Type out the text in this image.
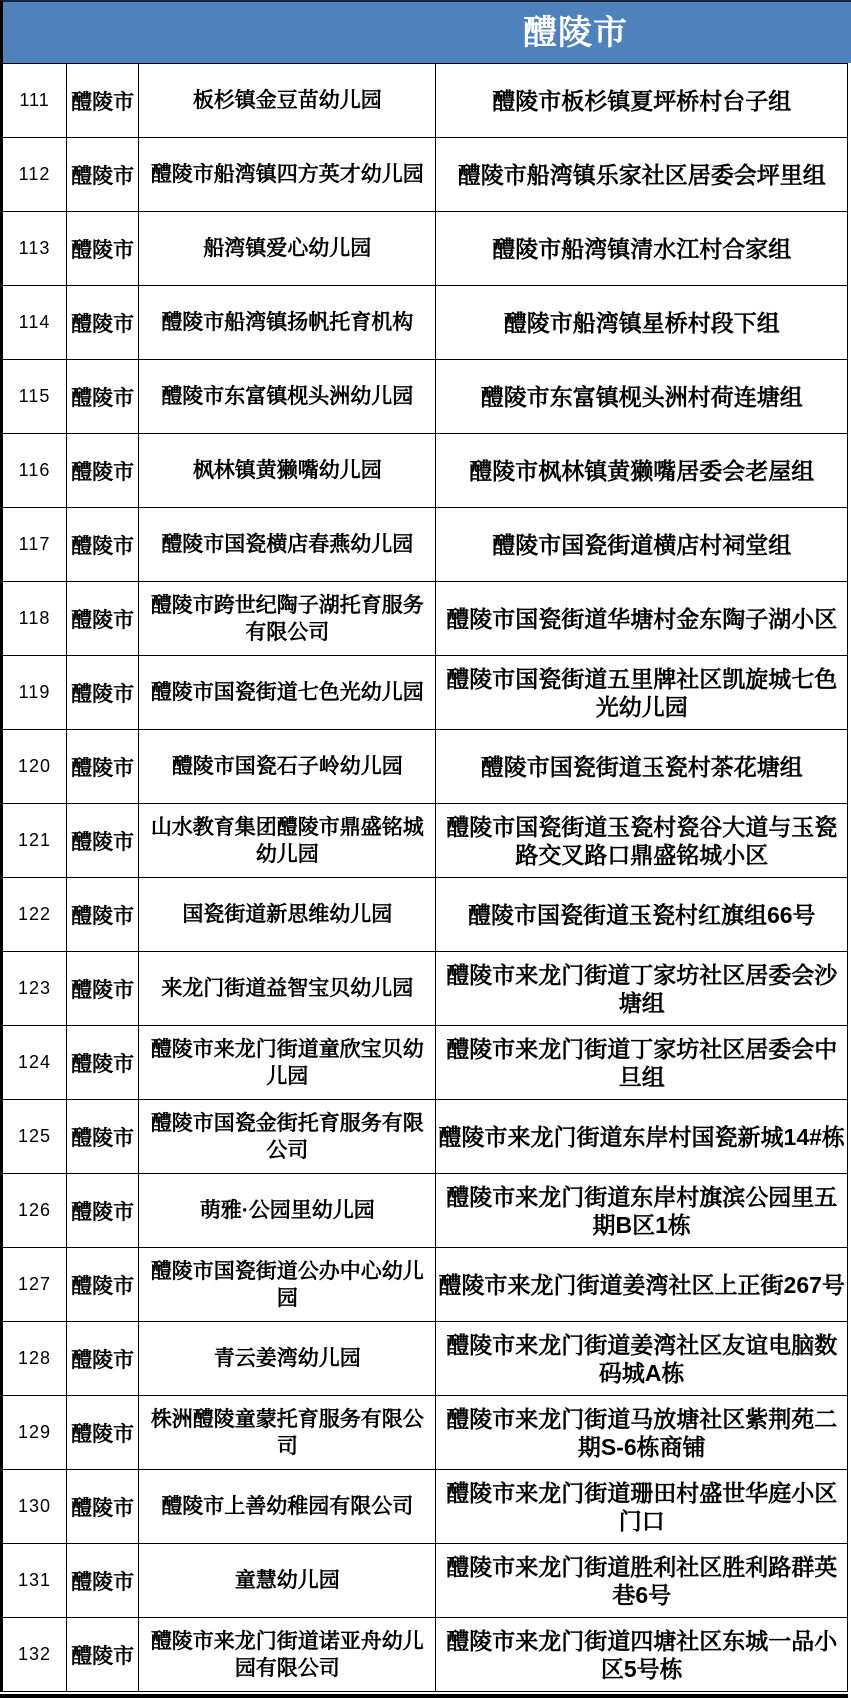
醴陵市
111	醴陵市	板杉镇金豆苗幼儿园	醴陵市板杉镇夏坪桥村台子组
112	醴陵市	醴陵市船湾镇四方英才幼儿园	醴陵市船湾镇乐家社区居委会坪里组
113	醴陵市	船湾镇爱心幼儿园	醴陵市船湾镇清水江村合家组
114	醴陵市	醴陵市船湾镇扬帆托育机构	醴陵市船湾镇星桥村段下组
115	醴陵市	醴陵市东富镇枧头洲幼儿园	醴陵市东富镇枧头洲村荷连塘组
116	醴陵市	枫林镇黄獭嘴幼儿园	醴陵市枫林镇黄獭嘴居委会老屋组
117	醴陵市	醴陵市国瓷横店春燕幼儿园	醴陵市国瓷街道横店村祠堂组
118	醴陵市	醴陵市跨世纪陶子湖托育服务有限公司	醴陵市国瓷街道华塘村金东陶子湖小区
119	醴陵市	醴陵市国瓷街道七色光幼儿园	醴陵市国瓷街道五里牌社区凯旋城七色光幼儿园
120	醴陵市	醴陵市国瓷石子岭幼儿园	醴陵市国瓷街道玉瓷村茶花塘组
121	醴陵市	山水教育集团醴陵市鼎盛铭城幼儿园	醴陵市国瓷街道玉瓷村瓷谷大道与玉瓷路交叉路口鼎盛铭城小区
122	醴陵市	国瓷街道新思维幼儿园	醴陵市国瓷街道玉瓷村红旗组66号
123	醴陵市	来龙门街道益智宝贝幼儿园	醴陵市来龙门街道丁家坊社区居委会沙塘组
124	醴陵市	醴陵市来龙门街道童欣宝贝幼儿园	醴陵市来龙门街道丁家坊社区居委会中旦组
125	醴陵市	醴陵市国瓷金街托育服务有限公司	醴陵市来龙门街道东岸村国瓷新城14#栋
126	醴陵市	萌雅·公园里幼儿园	醴陵市来龙门街道东岸村旗滨公园里五期B区1栋
127	醴陵市	醴陵市国瓷街道公办中心幼儿园	醴陵市来龙门街道姜湾社区上正街267号
128	醴陵市	青云姜湾幼儿园	醴陵市来龙门街道姜湾社区友谊电脑数码城A栋
129	醴陵市	株洲醴陵童蒙托育服务有限公司	醴陵市来龙门街道马放塘社区紫荆苑二期S-6栋商铺
130	醴陵市	醴陵市上善幼稚园有限公司	醴陵市来龙门街道珊田村盛世华庭小区门口
131	醴陵市	童慧幼儿园	醴陵市来龙门街道胜利社区胜利路群英巷6号
132	醴陵市	醴陵市来龙门街道诺亚舟幼儿园有限公司	醴陵市来龙门街道四塘社区东城一品小区5号栋
